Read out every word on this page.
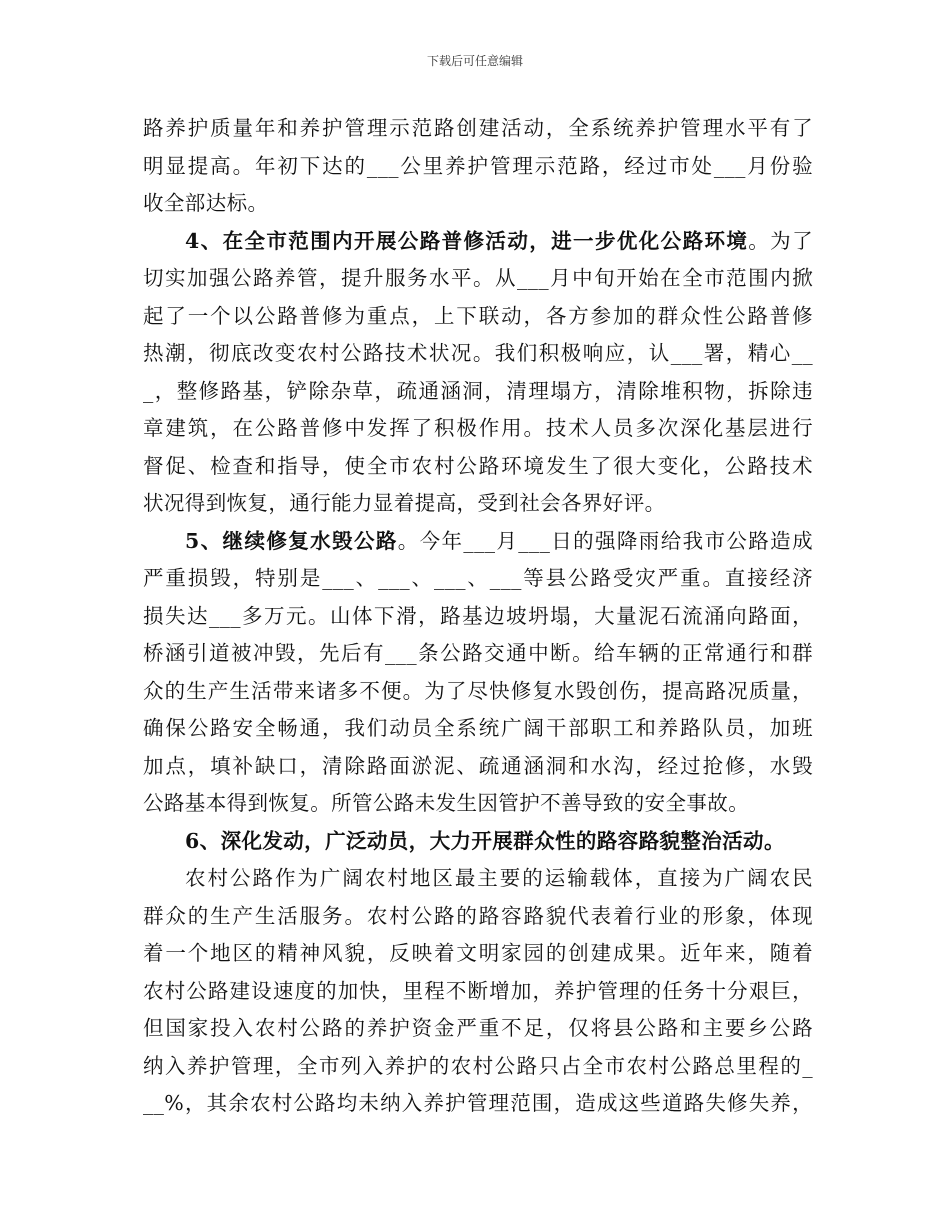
下载后可任意编辑
路养护质量年和养护管理示范路创建活动，全系统养护管理水平有了
明显提高。年初下达的___公里养护管理示范路，经过市处___月份验
收全部达标。
4、在全市范围内开展公路普修活动，进一步优化公路环境。为了
切实加强公路养管，提升服务水平。从___月中旬开始在全市范围内掀
起了一个以公路普修为重点，上下联动，各方参加的群众性公路普修
热潮，彻底改变农村公路技术状况。我们积极响应，认___署，精心__
_，整修路基，铲除杂草，疏通涵洞，清理塌方，清除堆积物，拆除违
章建筑，在公路普修中发挥了积极作用。技术人员多次深化基层进行
督促、检查和指导，使全市农村公路环境发生了很大变化，公路技术
状况得到恢复，通行能力显着提高，受到社会各界好评。
5、继续修复水毁公路。今年___月___日的强降雨给我市公路造成
严重损毁，特别是___、___、___、___等县公路受灾严重。直接经济
损失达___多万元。山体下滑，路基边坡坍塌，大量泥石流涌向路面，
桥涵引道被冲毁，先后有___条公路交通中断。给车辆的正常通行和群
众的生产生活带来诸多不便。为了尽快修复水毁创伤，提高路况质量，
确保公路安全畅通，我们动员全系统广阔干部职工和养路队员，加班
加点，填补缺口，清除路面淤泥、疏通涵洞和水沟，经过抢修，水毁
公路基本得到恢复。所管公路未发生因管护不善导致的安全事故。
6、深化发动，广泛动员，大力开展群众性的路容路貌整治活动。
农村公路作为广阔农村地区最主要的运输载体，直接为广阔农民
群众的生产生活服务。农村公路的路容路貌代表着行业的形象，体现
着一个地区的精神风貌，反映着文明家园的创建成果。近年来，随着
农村公路建设速度的加快，里程不断增加，养护管理的任务十分艰巨，
但国家投入农村公路的养护资金严重不足，仅将县公路和主要乡公路
纳入养护管理，全市列入养护的农村公路只占全市农村公路总里程的_
__%，其余农村公路均未纳入养护管理范围，造成这些道路失修失养，
